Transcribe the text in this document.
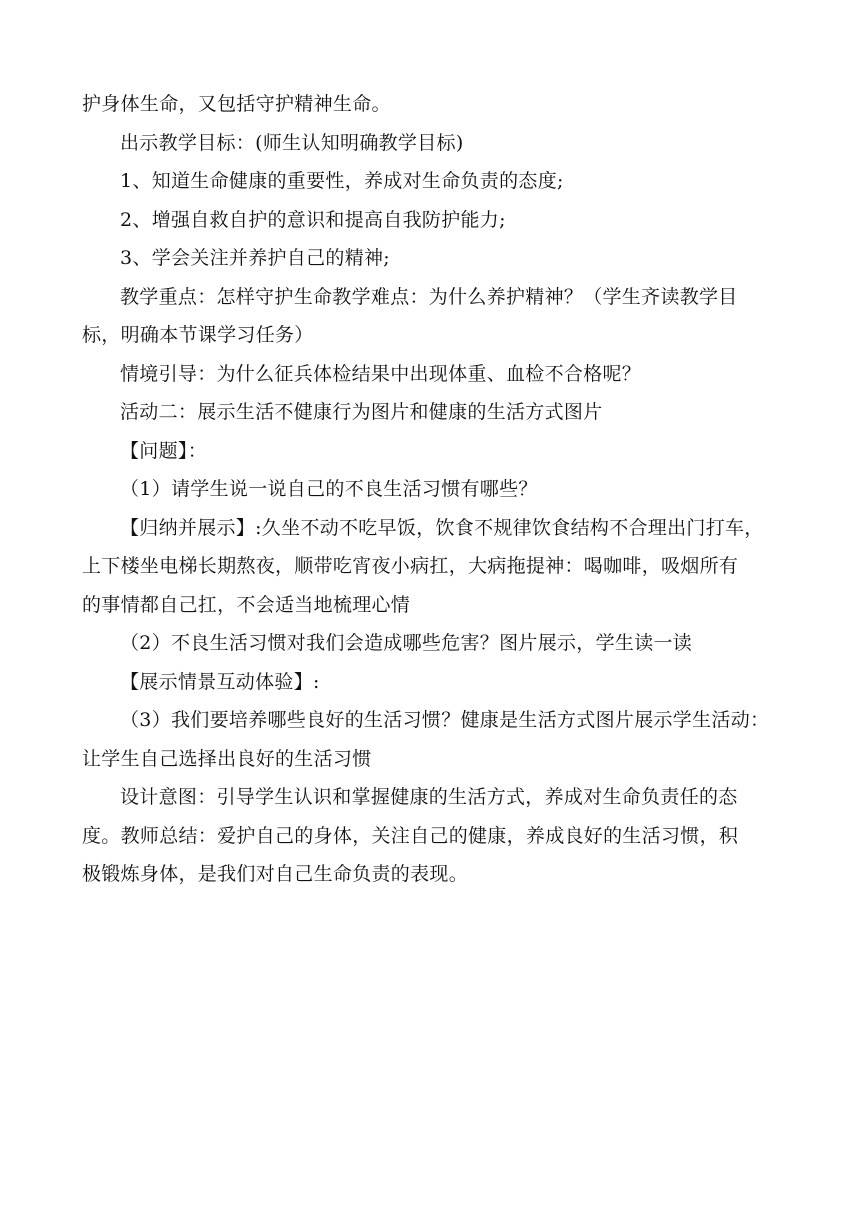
护身体生命，又包括守护精神生命。

出示教学目标：(师生认知明确教学目标)

1、知道生命健康的重要性，养成对生命负责的态度;

2、增强自救自护的意识和提高自我防护能力;

3、学会关注并养护自己的精神;

教学重点：怎样守护生命教学难点：为什么养护精神？（学生齐读教学目
标，明确本节课学习任务）

情境引导：为什么征兵体检结果中出现体重、血检不合格呢？

活动二：展示生活不健康行为图片和健康的生活方式图片

【问题】：

（1）请学生说一说自己的不良生活习惯有哪些？

【归纳并展示】:久坐不动不吃早饭，饮食不规律饮食结构不合理出门打车，
上下楼坐电梯长期熬夜，顺带吃宵夜小病扛，大病拖提神：喝咖啡，吸烟所有
的事情都自己扛，不会适当地梳理心情

（2）不良生活习惯对我们会造成哪些危害？图片展示，学生读一读

【展示情景互动体验】:

（3）我们要培养哪些良好的生活习惯？健康是生活方式图片展示学生活动：
让学生自己选择出良好的生活习惯

设计意图：引导学生认识和掌握健康的生活方式，养成对生命负责任的态
度。教师总结：爱护自己的身体，关注自己的健康，养成良好的生活习惯，积
极锻炼身体，是我们对自己生命负责的表现。
